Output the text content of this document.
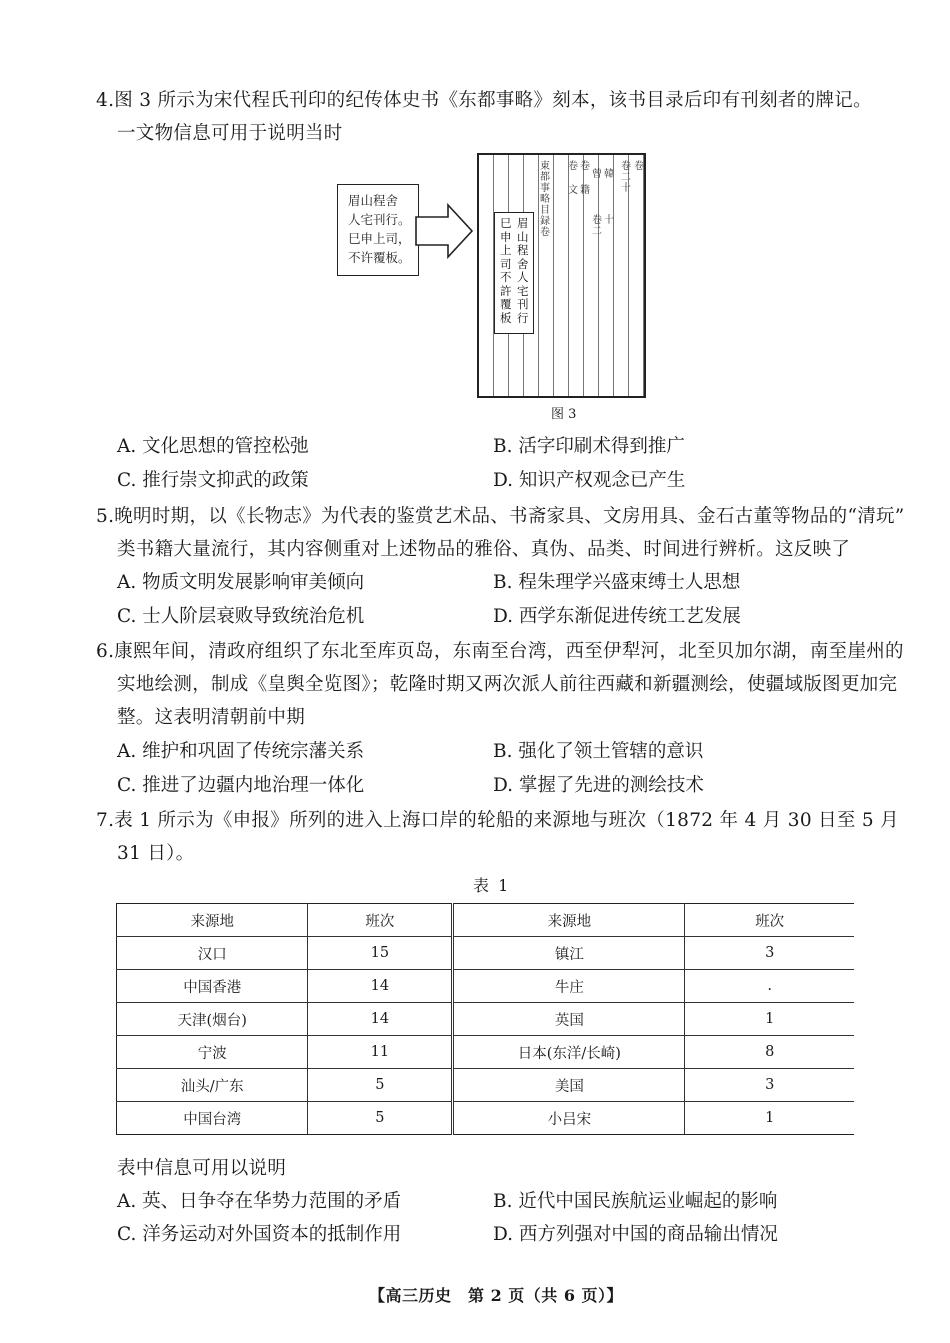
4.图 3 所示为宋代程氏刊印的纪传体史书《东都事略》刻本，该书目录后印有刊刻者的牌记。
一文物信息可用于说明当时
眉山程舍
人宅刊行。
巳申上司，
不许覆板。
東都事略目録
卷
文 籍
曾 韓
卷二十
卷
卷
卷二
十
卷
眉山程舍人宅刊行
巳申上司不許覆板
图 3
A. 文化思想的管控松弛	B. 活字印刷术得到推广
C. 推行崇文抑武的政策	D. 知识产权观念已产生
5.晚明时期，以《长物志》为代表的鉴赏艺术品、书斋家具、文房用具、金石古董等物品的“清玩”
类书籍大量流行，其内容侧重对上述物品的雅俗、真伪、品类、时间进行辨析。这反映了
A. 物质文明发展影响审美倾向	B. 程朱理学兴盛束缚士人思想
C. 士人阶层衰败导致统治危机	D. 西学东渐促进传统工艺发展
6.康熙年间，清政府组织了东北至库页岛，东南至台湾，西至伊犁河，北至贝加尔湖，南至崖州的
实地绘测，制成《皇舆全览图》；乾隆时期又两次派人前往西藏和新疆测绘，使疆域版图更加完
整。这表明清朝前中期
A. 维护和巩固了传统宗藩关系	B. 强化了领土管辖的意识
C. 推进了边疆内地治理一体化	D. 掌握了先进的测绘技术
7.表 1 所示为《申报》所列的进入上海口岸的轮船的来源地与班次（1872 年 4 月 30 日至 5 月
31 日）。
表 1
来源地	班次	来源地	班次
汉口	15	镇江	3
中国香港	14	牛庄	.
天津(烟台)	14	英国	1
宁波	11	日本(东洋/长崎)	8
汕头/广东	5	美国	3
中国台湾	5	小吕宋	1
表中信息可用以说明
A. 英、日争夺在华势力范围的矛盾	B. 近代中国民族航运业崛起的影响
C. 洋务运动对外国资本的抵制作用	D. 西方列强对中国的商品输出情况
【高三历史　第 2 页（共 6 页）】
